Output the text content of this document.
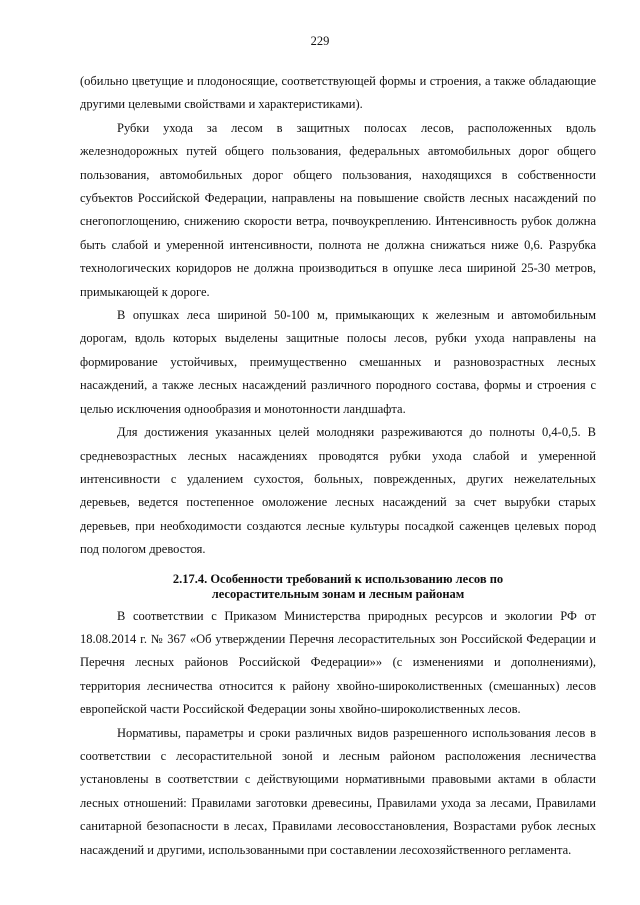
229

(обильно цветущие и плодоносящие, соответствующей формы и строения, а также обладающие другими целевыми свойствами и характеристиками).

Рубки ухода за лесом в защитных полосах лесов, расположенных вдоль железнодорожных путей общего пользования, федеральных автомобильных дорог общего пользования, автомобильных дорог общего пользования, находящихся в собственности субъектов Российской Федерации, направлены на повышение свойств лесных насаждений по снегопоглощению, снижению скорости ветра, почвоукреплению. Интенсивность рубок должна быть слабой и умеренной интенсивности, полнота не должна снижаться ниже 0,6. Разрубка технологических коридоров не должна производиться в опушке леса шириной 25-30 метров, примыкающей к дороге.

В опушках леса шириной 50-100 м, примыкающих к железным и автомобильным дорогам, вдоль которых выделены защитные полосы лесов, рубки ухода направлены на формирование устойчивых, преимущественно смешанных и разновозрастных лесных насаждений, а также лесных насаждений различного породного состава, формы и строения с целью исключения однообразия и монотонности ландшафта.

Для достижения указанных целей молодняки разреживаются до полноты 0,4-0,5. В средневозрастных лесных насаждениях проводятся рубки ухода слабой и умеренной интенсивности с удалением сухостоя, больных, поврежденных, других нежелательных деревьев, ведется постепенное омоложение лесных насаждений за счет вырубки старых деревьев, при необходимости создаются лесные культуры посадкой саженцев целевых пород под пологом древостоя.

2.17.4. Особенности требований к использованию лесов по
лесорастительным зонам и лесным районам

В соответствии с Приказом Министерства природных ресурсов и экологии РФ от 18.08.2014 г. № 367 «Об утверждении Перечня лесорастительных зон Российской Федерации и Перечня лесных районов Российской Федерации»» (с изменениями и дополнениями), территория лесничества относится к району хвойно-широколиственных (смешанных) лесов европейской части Российской Федерации зоны хвойно-широколиственных лесов.

Нормативы, параметры и сроки различных видов разрешенного использования лесов в соответствии с лесорастительной зоной и лесным районом расположения лесничества установлены в соответствии с действующими нормативными правовыми актами в области лесных отношений: Правилами заготовки древесины, Правилами ухода за лесами, Правилами санитарной безопасности в лесах, Правилами лесовосстановления, Возрастами рубок лесных насаждений и другими, использованными при составлении лесохозяйственного регламента.
